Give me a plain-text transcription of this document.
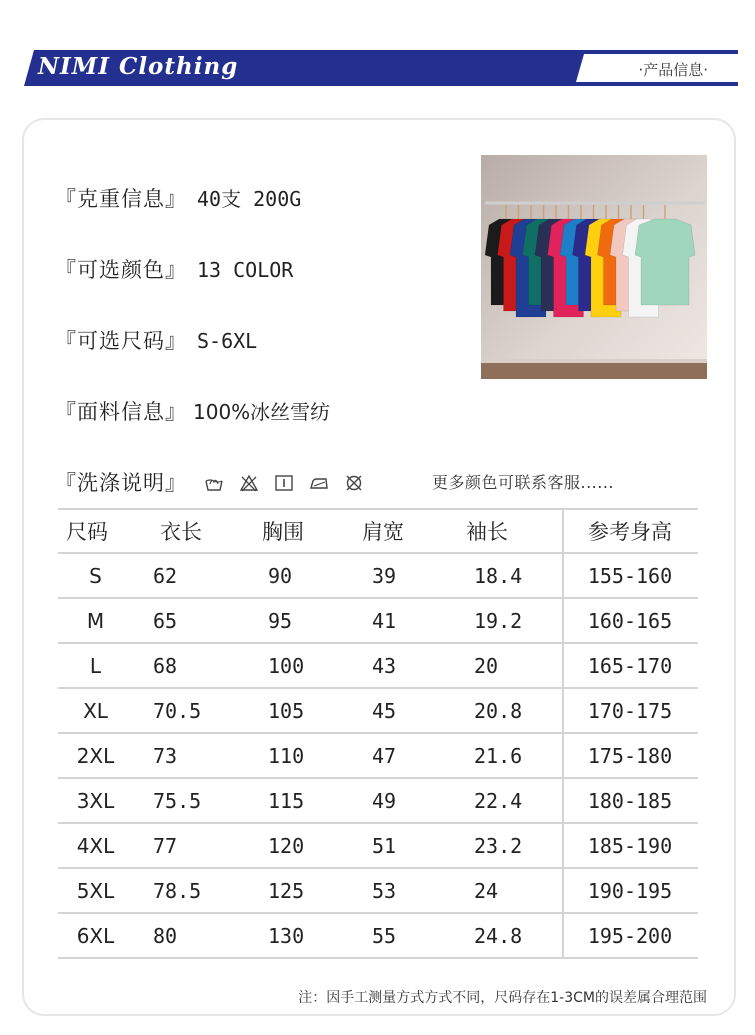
NIMI Clothing	·产品信息·
『克重信息』 40支 200G
『可选颜色』 13 COLOR
『可选尺码』 S-6XL
『面料信息』 100%冰丝雪纺
『洗涤说明』
	更多颜色可联系客服......
尺码	衣长	胸围	肩宽	袖长	参考身高
S	62	90	39	18.4	155-160
M	65	95	41	19.2	160-165
L	68	100	43	20	165-170
XL	70.5	105	45	20.8	170-175
2XL	73	110	47	21.6	175-180
3XL	75.5	115	49	22.4	180-185
4XL	77	120	51	23.2	185-190
5XL	78.5	125	53	24	190-195
6XL	80	130	55	24.8	195-200
注：因手工测量方式方式不同，尺码存在1-3CM的误差属合理范围
